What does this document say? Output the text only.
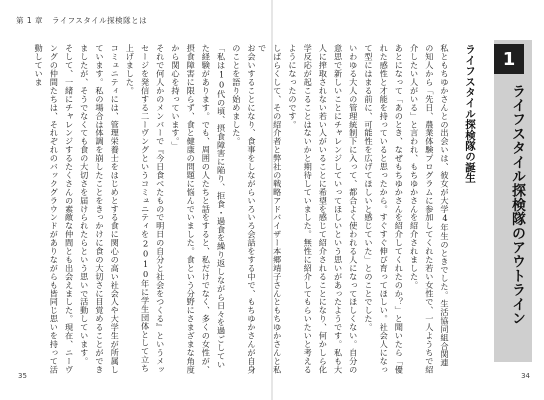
第 1 章 ライフスタイル探検隊とは
お会いすることになり、食事をしながらいろいろ会話をする中で、もちゆかさんが自身のことを語り始めました。
「私は10代の頃、摂食障害に陥り、拒食・過食を繰り返しながら日々を過ごしていた経験があります。でも、周囲の人たちと話をすると、私だけでなく、多くの女性が、摂食障害に限らず、食と健康の問題に悩んでいました。食という分野にさまざまな角度から関心を持っています。」
それで何人かのメンバーで『今日食べたもので明日の自分と社会をつくる』というメッセージを発信する二ーヴングというコミュニティを2010年に学生団体として立ち上げました。
コミュニティには、管理栄養士をはじめとする食に関心の高い社会人や大学生が所属しています。私の場合は体調を崩したことをきっかけに食の大切さに目覚めることができましたが、そうでなくても食の大切さを届けられたらという思いで活動しています。
そして、一緒にチャレンジするたくさんの素敵な仲間とも出会えました。現在、ニーヴングの仲間たちは、それぞれのバックグラウンドがありながらも皆同じ思いを持って活動していま
35
1
ライフスタイル探検隊のアウトライン
ライフスタイル探検隊の誕生
私ともちゆかさんとの出会いは、彼女が大学4年生のときでした。生活協同組合関連の知人から「先日、農業体験プログラムに参加してくれた若い女性で、一人ようちで紹介したい人がいる」と言われ、もちゆかさんを紹介されました。
あとになって「あのとき、なぜもちゆかさんを紹介してくれたのか？」と聞いたら「優れた感性と才能を持っていると思ったから。すぐすぐ伸び育ってほしい。社会人になって型にはまる前に、可能性を広げてほしいと感じていた」とのことでした。
いわゆる大人の管理統制下に入って、都合よく使われる人になってほしくない。自分の意思で新しいことにチャレンジしていってほしいという思いがあったようです。私も大人に搾取されない若い人がいることに希望を感じて紹介されることになり、何かしら化学反応が起こることはないかと期待していました。無性に紹介してもらいたいと考えるようになったのです。
しばらくして、その紹介者と弊社の戦略アドバイザー本郷靖子さんともちゆかさんと私で
34
